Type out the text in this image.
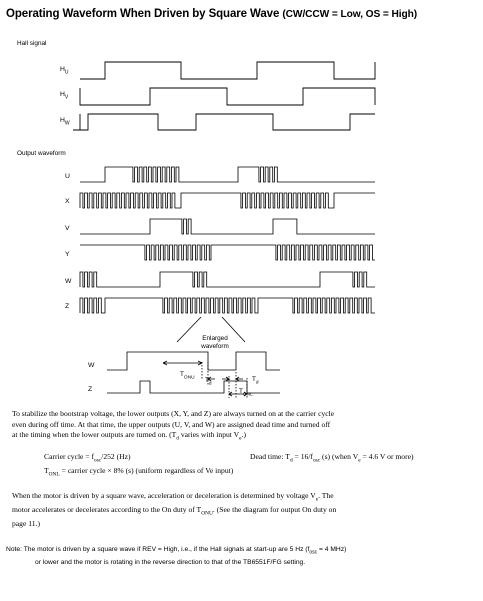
Operating Waveform When Driven by Square Wave (CW/CCW = Low, OS = High)
Hall signal
Output waveform
$H_U$
$H_V$
$H_W$
U
X
V
Y
W
Z
Enlarged
waveform
W
Z
$T_{ONU}$ $T_d$
$T_d$
$T_{ONL}$
To stabilize the bootstrap voltage, the lower outputs (X, Y, and Z) are always turned on at the carrier cycle
even during off time. At that time, the upper outputs (U, V, and W) are assigned dead time and turned off
at the timing when the lower outputs are turned on. ($T_d$ varies with input $V_e$.)
Carrier cycle = $f_{osc}/252$ (Hz)	Dead time: $T_d = 16/f_{osc}$ (s) (when $V_e = 4.6$ V or more)
$T_{ONL}$ = carrier cycle × 8% (s) (uniform regardless of Ve input)
When the motor is driven by a square wave, acceleration or deceleration is determined by voltage $V_e$. The
motor accelerates or decelerates according to the On duty of $T_{ONU}$. (See the diagram for output On duty on
page 11.)
Note: The motor is driven by a square wave if REV = High, i.e., if the Hall signals at start-up are 5 Hz ($f_{osc} = 4$ MHz)
or lower and the motor is rotating in the reverse direction to that of the TB6551F/FG setting.
